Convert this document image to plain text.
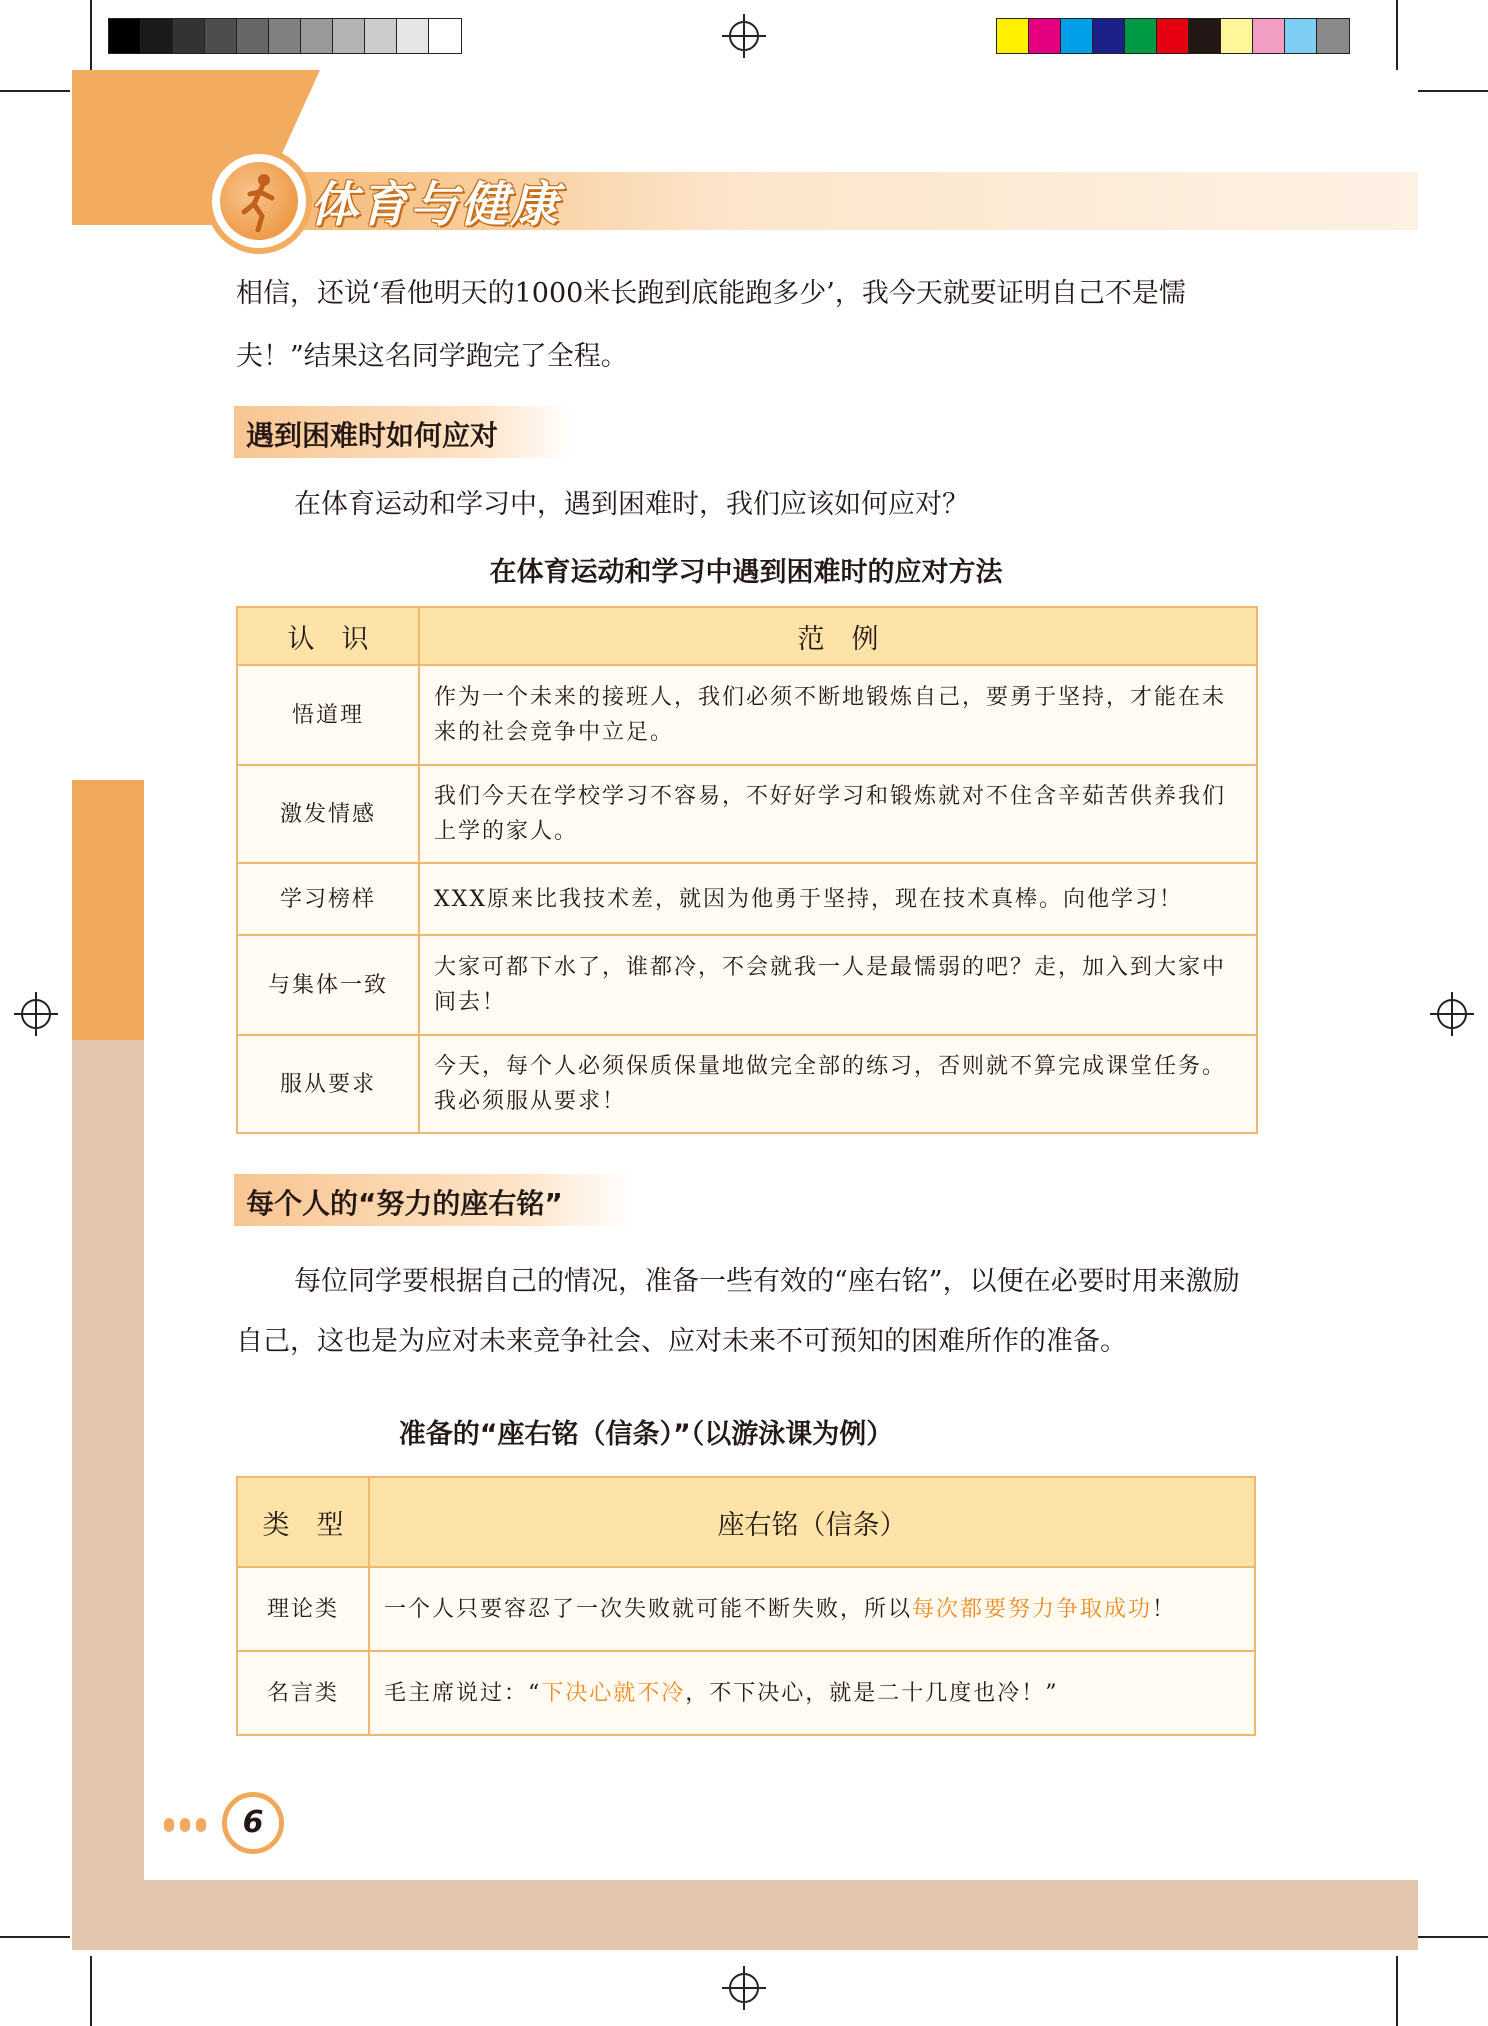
体育与健康
相信，还说‘看他明天的1000米长跑到底能跑多少’，我今天就要证明自己不是懦夫！”结果这名同学跑完了全程。
遇到困难时如何应对
在体育运动和学习中，遇到困难时，我们应该如何应对？
在体育运动和学习中遇到困难时的应对方法
认　识	范　例
悟道理	作为一个未来的接班人，我们必须不断地锻炼自己，要勇于坚持，才能在未来的社会竞争中立足。
激发情感	我们今天在学校学习不容易，不好好学习和锻炼就对不住含辛茹苦供养我们上学的家人。
学习榜样	XXX原来比我技术差，就因为他勇于坚持，现在技术真棒。向他学习！
与集体一致	大家可都下水了，谁都冷，不会就我一人是最懦弱的吧？走，加入到大家中间去！
服从要求	今天，每个人必须保质保量地做完全部的练习，否则就不算完成课堂任务。我必须服从要求！
每个人的“努力的座右铭”
每位同学要根据自己的情况，准备一些有效的“座右铭”，以便在必要时用来激励自己，这也是为应对未来竞争社会、应对未来不可预知的困难所作的准备。
准备的“座右铭（信条）”（以游泳课为例）
类　型	座右铭（信条）
理论类	一个人只要容忍了一次失败就可能不断失败，所以每次都要努力争取成功！
名言类	毛主席说过：“下决心就不冷，不下决心，就是二十几度也冷！”
6
